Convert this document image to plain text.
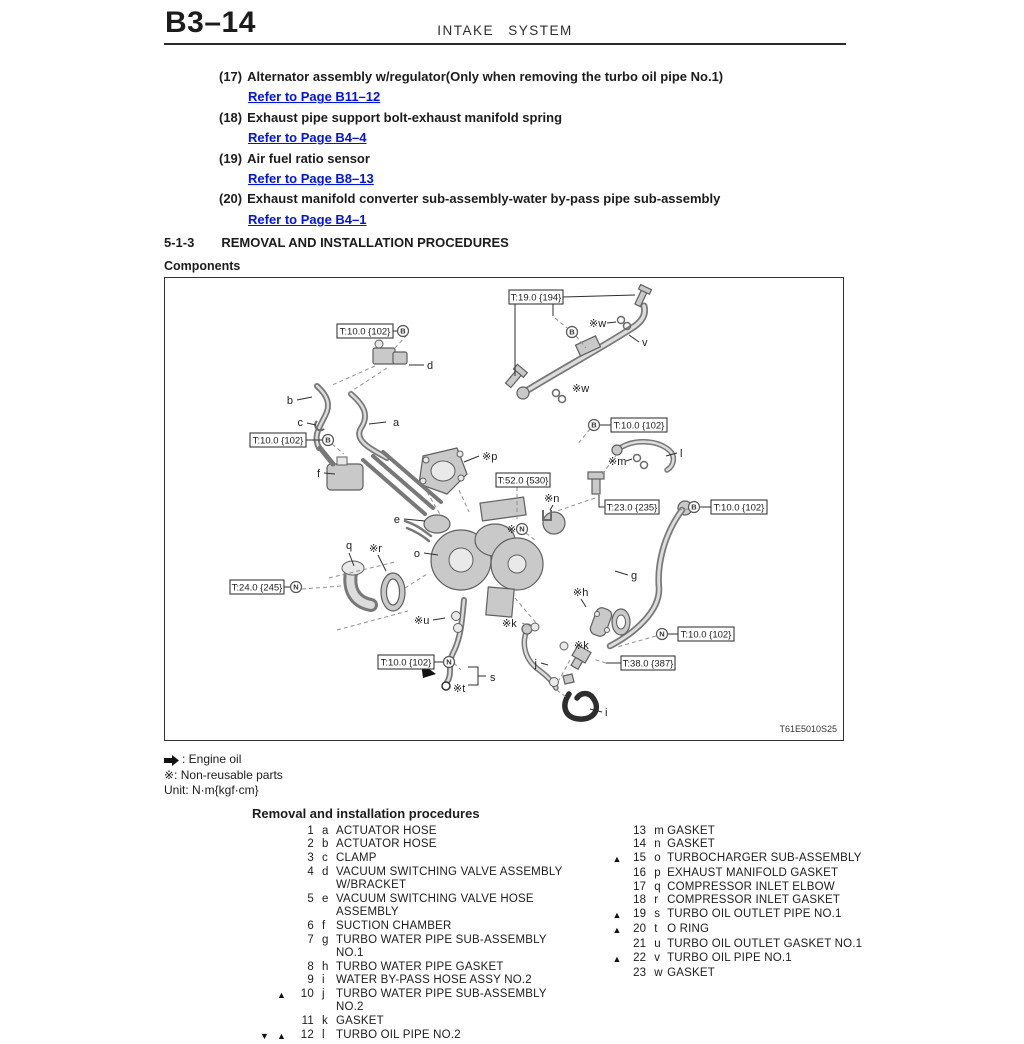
B3–14	INTAKE SYSTEM
(17) Alternator assembly w/regulator(Only when removing the turbo oil pipe No.1)
Refer to Page B11–12
(18) Exhaust pipe support bolt-exhaust manifold spring
Refer to Page B4–4
(19) Air fuel ratio sensor
Refer to Page B8–13
(20) Exhaust manifold converter sub-assembly-water by-pass pipe sub-assembly
Refer to Page B4–1
5-1-3 REMOVAL AND INSTALLATION PROCEDURES
Components
T:10.0 {102} B
T:19.0 {194}
B
T:10.0 {102}	B
T:52.0 {530}
※ N
T:10.0 {102}
B
T:23.0 {235}	T:10.0 {102}
B
T:24.0 {245} N
T:10.0 {102} N
T:10.0 {102}
N
T:38.0 {387}
a
b
c
d
e
f
g
i
j
l
o
q
s
v
※h
※k
※k
※m
※n
※p
※r
※t
※u
※w
※w
T61E5010S25
: Engine oil
※: Non-reusable parts
Unit: N·m{kgf·cm}
Removal and installation procedures
1 a ACTUATOR HOSE
2 b ACTUATOR HOSE
3 c CLAMP
4 d VACUUM SWITCHING VALVE ASSEMBLY W/BRACKET
5 e VACUUM SWITCHING VALVE HOSE ASSEMBLY
6 f SUCTION CHAMBER
7 g TURBO WATER PIPE SUB-ASSEMBLY NO.1
8 h TURBO WATER PIPE GASKET
9 i WATER BY-PASS HOSE ASSY NO.2
▲	10 j TURBO WATER PIPE SUB-ASSEMBLY NO.2
11 k GASKET
▼ ▲	12 l TURBO OIL PIPE NO.2
13 m GASKET
14 n GASKET
▲ 15 o TURBOCHARGER SUB-ASSEMBLY
16 p EXHAUST MANIFOLD GASKET
17 q COMPRESSOR INLET ELBOW
18 r COMPRESSOR INLET GASKET
▲ 19 s TURBO OIL OUTLET PIPE NO.1
▲ 20 t O RING
21 u TURBO OIL OUTLET GASKET NO.1
▲ 22 v TURBO OIL PIPE NO.1
23 w GASKET
